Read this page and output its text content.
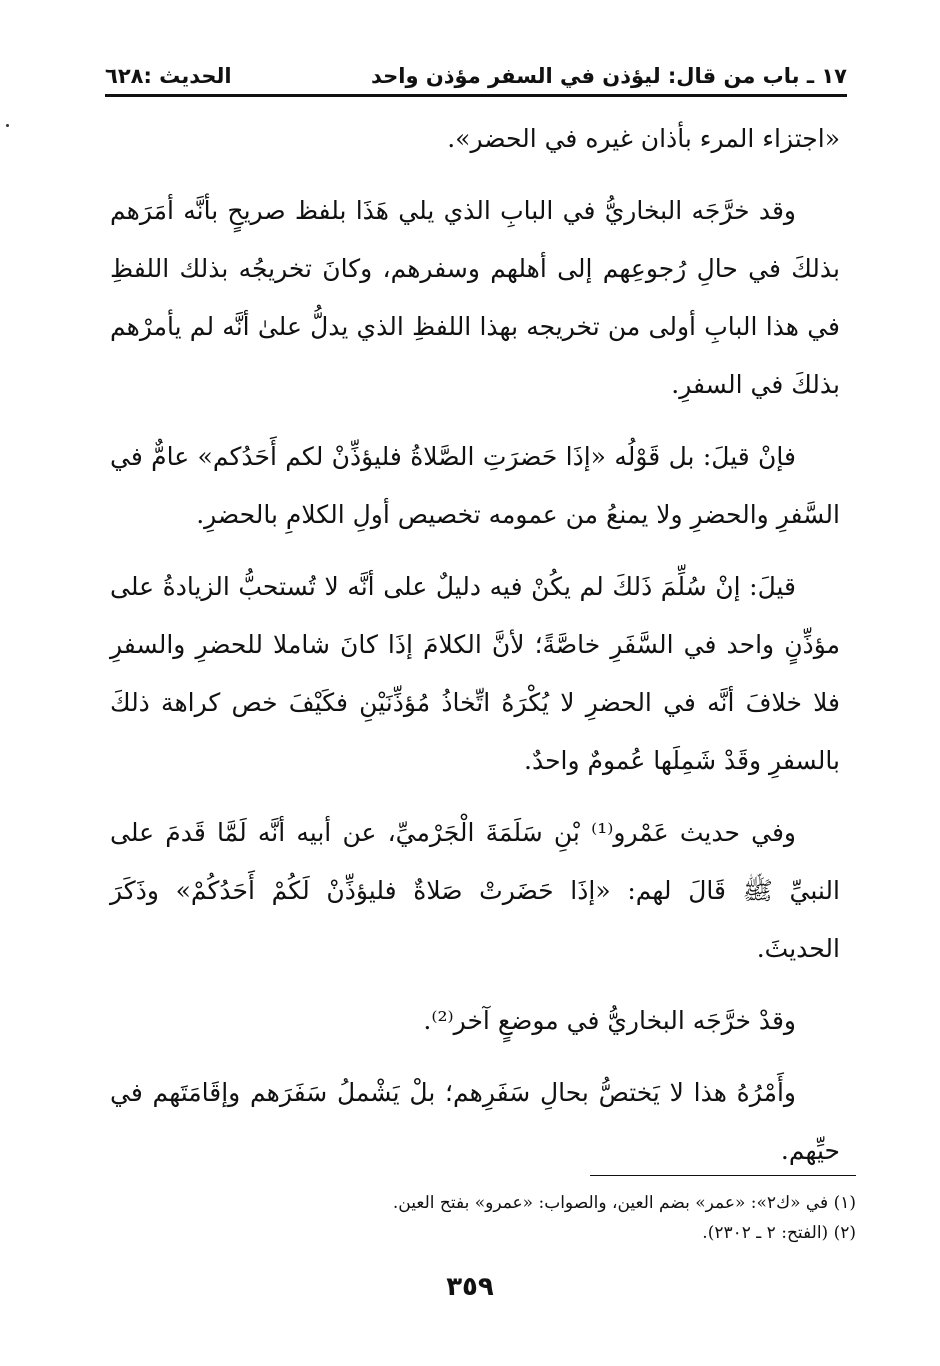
١٧ ـ باب من قال: ليؤذن في السفر مؤذن واحد
الحديث :٦٢٨

«اجتزاء المرء بأذان غيره في الحضر».

وقد خرَّجَه البخاريُّ في البابِ الذي يلي هَذَا بلفظ صريحٍ بأنَّه أمَرَهم بذلكَ في حالِ رُجوعِهم إلى أهلهم وسفرهم، وكانَ تخريجُه بذلك اللفظِ في هذا البابِ أولى من تخريجه بهذا اللفظِ الذي يدلُّ علىٰ أنَّه لم يأمرْهم بذلكَ في السفرِ.

فإنْ قيلَ: بل قَوْلُه «إذَا حَضرَتِ الصَّلاةُ فليؤذِّنْ لكم أَحَدُكم» عامٌّ في السَّفرِ والحضرِ ولا يمنعُ من عمومه تخصيص أولِ الكلامِ بالحضرِ.

قيلَ: إنْ سُلِّمَ ذَلكَ لم يكُنْ فيه دليلٌ على أنَّه لا تُستحبُّ الزيادةُ على مؤذِّنٍ واحد في السَّفَرِ خاصَّةً؛ لأنَّ الكلامَ إذَا كانَ شاملا للحضرِ والسفرِ فلا خلافَ أنَّه في الحضرِ لا يُكْرَهُ اتِّخاذُ مُؤذِّنَيْنِ فكَيْفَ خص كراهة ذلكَ بالسفرِ وقَدْ شَمِلَها عُمومٌ واحدٌ.

وفي حديث عَمْرو⁽¹⁾ بْنِ سَلَمَةَ الْجَرْميِّ، عن أبيه أنَّه لَمَّا قَدمَ على النبيِّ ﷺ قَالَ لهم: «إذَا حَضَرتْ صَلاةٌ فليؤذِّنْ لَكُمْ أَحَدُكُمْ» وذَكَرَ الحديثَ.

وقدْ خرَّجَه البخاريُّ في موضعٍ آخر⁽²⁾.

وأَمْرُهُ هذا لا يَختصُّ بحالِ سَفَرِهم؛ بلْ يَشْملُ سَفَرَهم وإقَامَتَهم في حيِّهم.

(١) في «ك٢»: «عمر» بضم العين، والصواب: «عمرو» بفتح العين.
(٢) (الفتح: ٢ ـ ٢٣٠٢).
٣٥٩
